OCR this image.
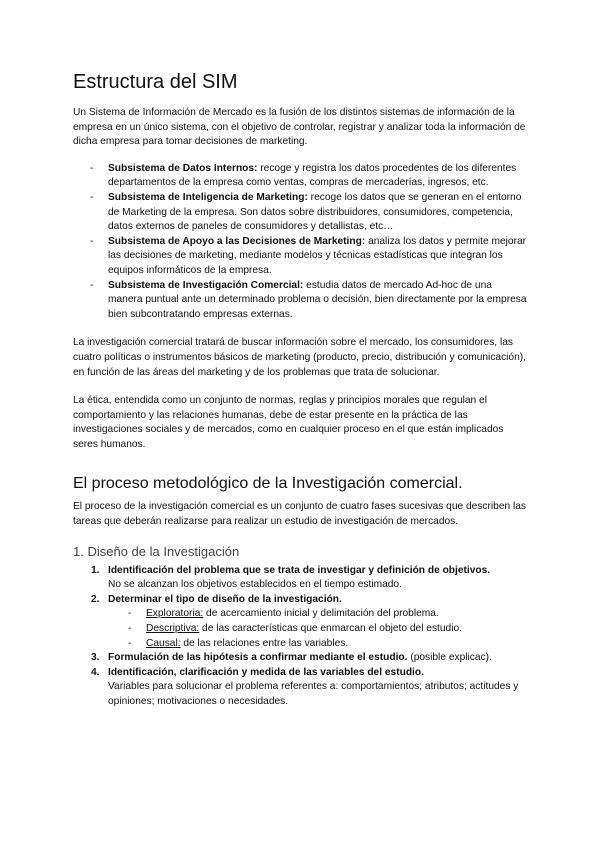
Estructura del SIM

Un Sistema de Información de Mercado es la fusión de los distintos sistemas de información de la empresa en un único sistema, con el objetivo de controlar, registrar y analizar toda la información de dicha empresa para tomar decisiones de marketing.

- Subsistema de Datos Internos: recoge y registra los datos procedentes de los diferentes departamentos de la empresa como ventas, compras de mercaderías, ingresos, etc.
- Subsistema de Inteligencia de Marketing: recoge los datos que se generan en el entorno de Marketing de la empresa. Son datos sobre distribuidores, consumidores, competencia, datos externos de paneles de consumidores y detallistas, etc…
- Subsistema de Apoyo a las Decisiones de Marketing: analiza los datos y permite mejorar las decisiones de marketing, mediante modelos y técnicas estadísticas que integran los equipos informáticos de la empresa.
- Subsistema de Investigación Comercial: estudia datos de mercado Ad-hoc de una manera puntual ante un determinado problema o decisión, bien directamente por la empresa bien subcontratando empresas externas.

La investigación comercial tratará de buscar información sobre el mercado, los consumidores, las cuatro políticas o instrumentos básicos de marketing (producto, precio, distribución y comunicación), en función de las áreas del marketing y de los problemas que trata de solucionar.

La ética, entendida como un conjunto de normas, reglas y principios morales que regulan el comportamiento y las relaciones humanas, debe de estar presente en la práctica de las investigaciones sociales y de mercados, como en cualquier proceso en el que están implicados seres humanos.

El proceso metodológico de la Investigación comercial.

El proceso de la investigación comercial es un conjunto de cuatro fases sucesivas que describen las tareas que deberán realizarse para realizar un estudio de investigación de mercados.

1. Diseño de la Investigación
1. Identificación del problema que se trata de investigar y definición de objetivos.
No se alcanzan los objetivos establecidos en el tiempo estimado.
2. Determinar el tipo de diseño de la investigación.
- Exploratoria: de acercamiento inicial y delimitación del problema.
- Descriptiva: de las características que enmarcan el objeto del estudio.
- Causal: de las relaciones entre las variables.
3. Formulación de las hipótesis a confirmar mediante el estudio. (posible explicac).
4. Identificación, clarificación y medida de las variables del estudio.
Variables para solucionar el problema referentes a: comportamientos; atributos; actitudes y opiniones; motivaciones o necesidades.
